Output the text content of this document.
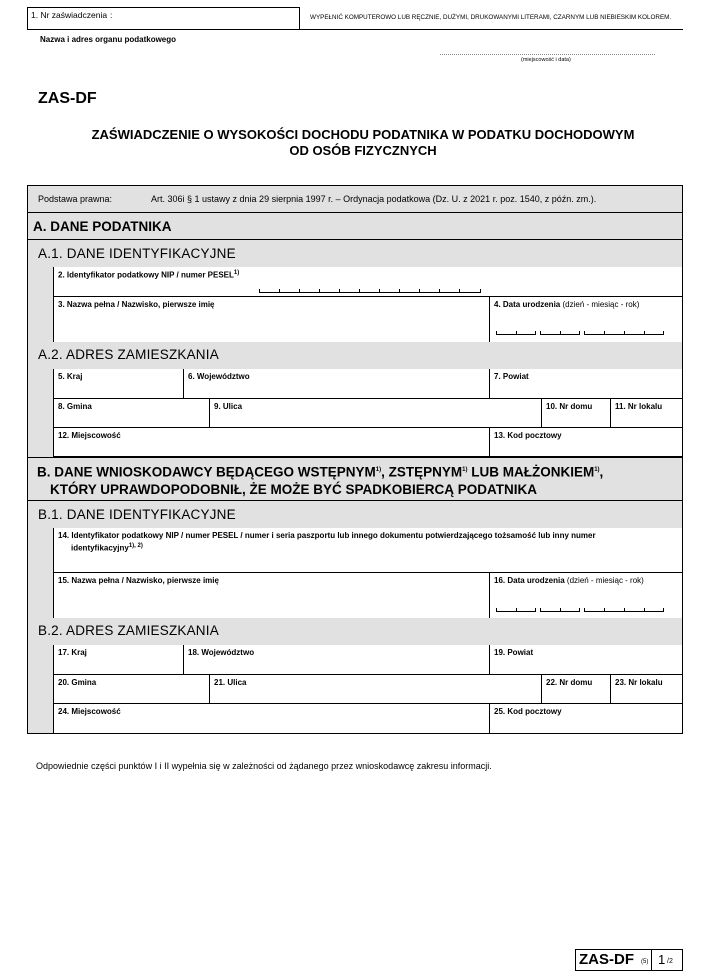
1. Nr zaświadczenia :	WYPEŁNIĆ KOMPUTEROWO LUB RĘCZNIE, DUŻYMI, DRUKOWANYMI LITERAMI, CZARNYM LUB NIEBIESKIM KOLOREM.
Nazwa i adres organu podatkowego
(miejscowość i data)
ZAS-DF
ZAŚWIADCZENIE O WYSOKOŚCI DOCHODU PODATNIKA W PODATKU DOCHODOWYM
OD OSÓB FIZYCZNYCH
Podstawa prawna:	Art. 306i § 1 ustawy z dnia 29 sierpnia 1997 r. – Ordynacja podatkowa (Dz. U. z 2021 r. poz. 1540, z późn. zm.).
A. DANE PODATNIKA
A.1. DANE IDENTYFIKACYJNE
2. Identyfikator podatkowy NIP / numer PESEL$^{1)}$
3. Nazwa pełna / Nazwisko, pierwsze imię	4. Data urodzenia (dzień - miesiąc - rok)
A.2. ADRES ZAMIESZKANIA
5. Kraj	6. Województwo	7. Powiat
8. Gmina	9. Ulica	10. Nr domu	11. Nr lokalu
12. Miejscowość	13. Kod pocztowy
B. DANE WNIOSKODAWCY BĘDĄCEGO WSTĘPNYM$^{1)}$, ZSTĘPNYM$^{1)}$ LUB MAŁŻONKIEM$^{1)}$,
KTÓRY UPRAWDOPODOBNIŁ, ŻE MOŻE BYĆ SPADKOBIERCĄ PODATNIKA
B.1. DANE IDENTYFIKACYJNE
14. Identyfikator podatkowy NIP / numer PESEL / numer i seria paszportu lub innego dokumentu potwierdzającego tożsamość lub inny numer
identyfikacyjny$^{1), 2)}$
15. Nazwa pełna / Nazwisko, pierwsze imię	16. Data urodzenia (dzień - miesiąc - rok)
B.2. ADRES ZAMIESZKANIA
17. Kraj	18. Województwo	19. Powiat
20. Gmina	21. Ulica	22. Nr domu	23. Nr lokalu
24. Miejscowość	25. Kod pocztowy
Odpowiednie części punktów I i II wypełnia się w zależności od żądanego przez wnioskodawcę zakresu informacji.
ZAS-DF (5) 1 /2
